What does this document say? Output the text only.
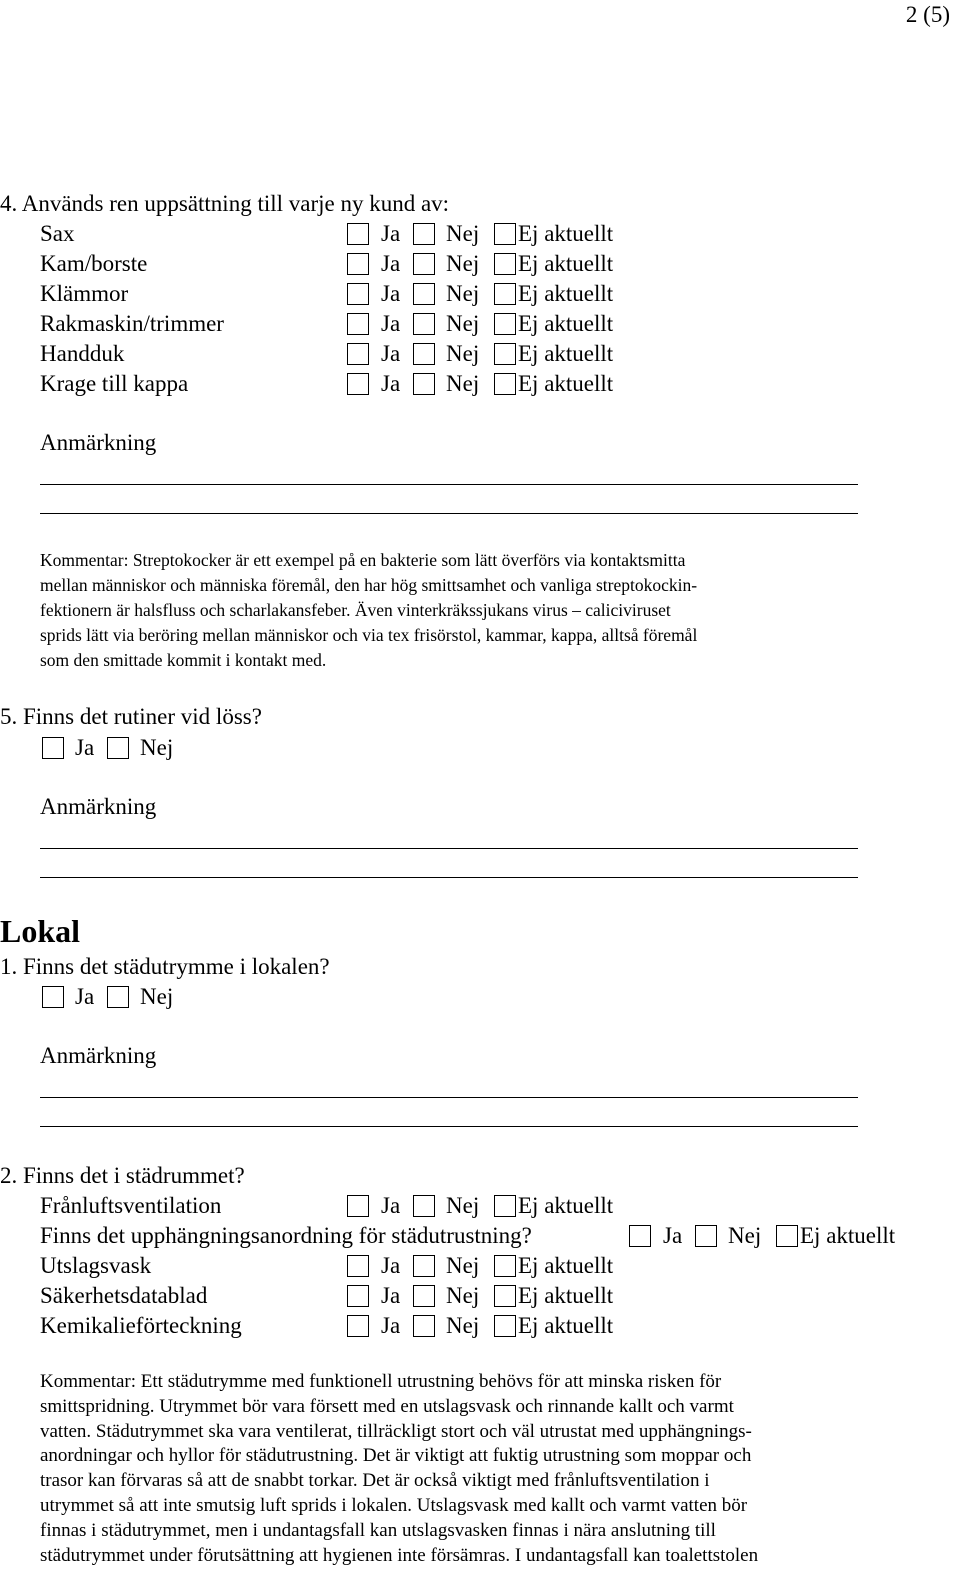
2 (5)
4. Används ren uppsättning till varje ny kund av:
Sax	Ja Nej Ej aktuellt
Kam/borste	Ja Nej Ej aktuellt
Klämmor	Ja Nej Ej aktuellt
Rakmaskin/trimmer	Ja Nej Ej aktuellt
Handduk	Ja Nej Ej aktuellt
Krage till kappa	Ja Nej Ej aktuellt
Anmärkning
Kommentar: Streptokocker är ett exempel på en bakterie som lätt överförs via kontaktsmitta
mellan människor och människa föremål, den har hög smittsamhet och vanliga streptokockin-
fektionern är halsfluss och scharlakansfeber. Även vinterkräkssjukans virus – caliciviruset
sprids lätt via beröring mellan människor och via tex frisörstol, kammar, kappa, alltså föremål
som den smittade kommit i kontakt med.
5. Finns det rutiner vid löss?
Ja Nej
Anmärkning
Lokal
1. Finns det städutrymme i lokalen?
Ja Nej
Anmärkning
2. Finns det i städrummet?
Frånluftsventilation	Ja Nej Ej aktuellt
Finns det upphängningsanordning för städutrustning?	Ja Nej Ej aktuellt
Utslagsvask	Ja Nej Ej aktuellt
Säkerhetsdatablad	Ja Nej Ej aktuellt
Kemikalieförteckning	Ja Nej Ej aktuellt
Kommentar: Ett städutrymme med funktionell utrustning behövs för att minska risken för
smittspridning. Utrymmet bör vara försett med en utslagsvask och rinnande kallt och varmt
vatten. Städutrymmet ska vara ventilerat, tillräckligt stort och väl utrustat med upphängnings-
anordningar och hyllor för städutrustning. Det är viktigt att fuktig utrustning som moppar och
trasor kan förvaras så att de snabbt torkar. Det är också viktigt med frånluftsventilation i
utrymmet så att inte smutsig luft sprids i lokalen. Utslagsvask med kallt och varmt vatten bör
finnas i städutrymmet, men i undantagsfall kan utslagsvasken finnas i nära anslutning till
städutrymmet under förutsättning att hygienen inte försämras. I undantagsfall kan toalettstolen
